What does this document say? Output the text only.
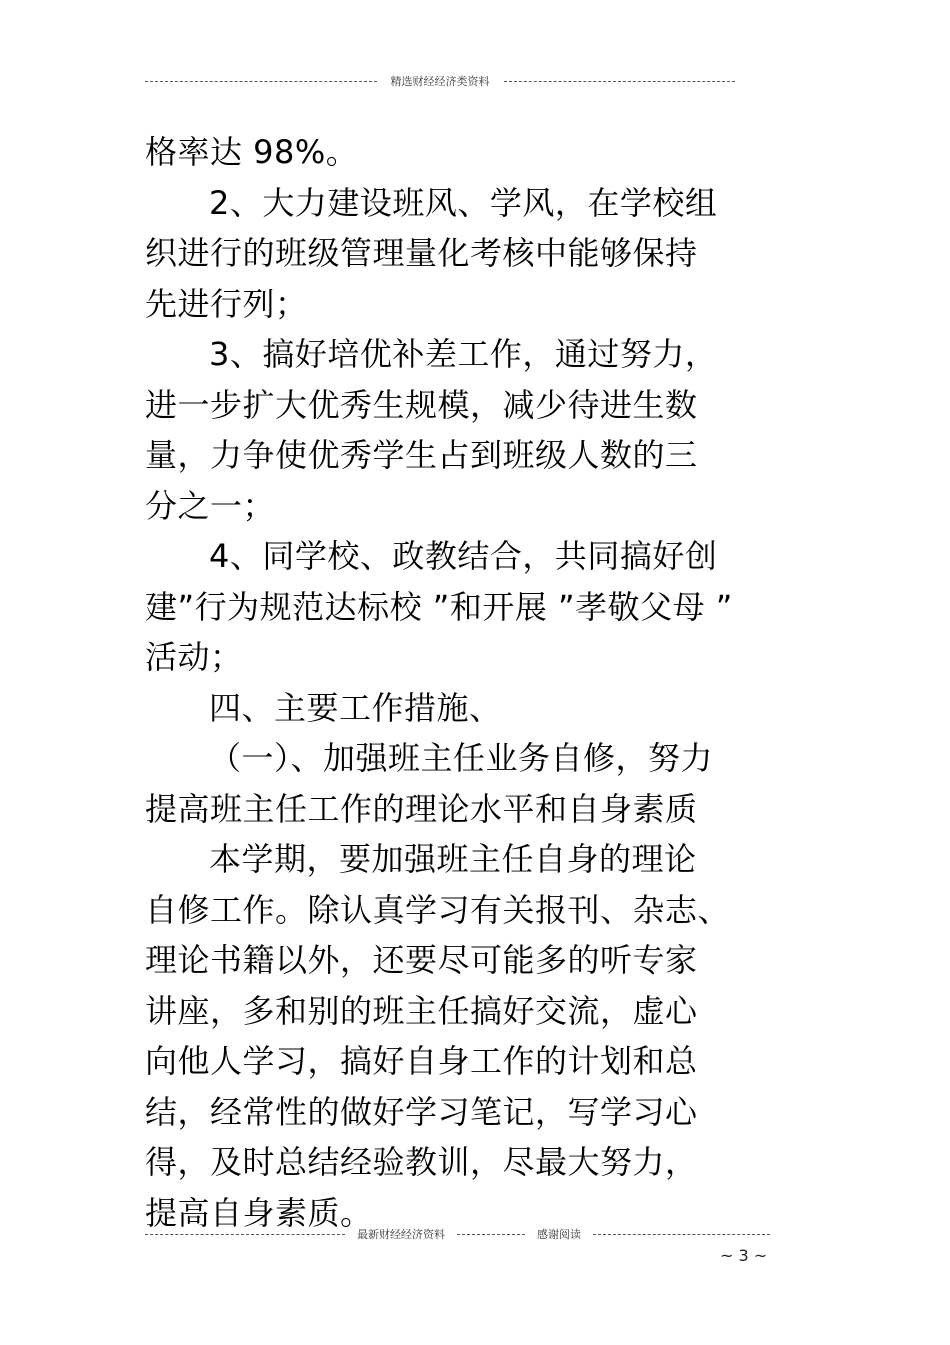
精选财经经济类资料
格率达 98%。
2、大力建设班风、学风，在学校组
织进行的班级管理量化考核中能够保持
先进行列；
3、搞好培优补差工作，通过努力，
进一步扩大优秀生规模，减少待进生数
量，力争使优秀学生占到班级人数的三
分之一；
4、同学校、政教结合，共同搞好创
建”行为规范达标校 ”和开展 ”孝敬父母 ”
活动；
四、主要工作措施、
（一）、加强班主任业务自修，努力
提高班主任工作的理论水平和自身素质
本学期，要加强班主任自身的理论
自修工作。除认真学习有关报刊、杂志、
理论书籍以外，还要尽可能多的听专家
讲座，多和别的班主任搞好交流，虚心
向他人学习，搞好自身工作的计划和总
结，经常性的做好学习笔记，写学习心
得，及时总结经验教训，尽最大努力，
提高自身素质。
最新财经经济资料	感谢阅读
~ 3 ~
